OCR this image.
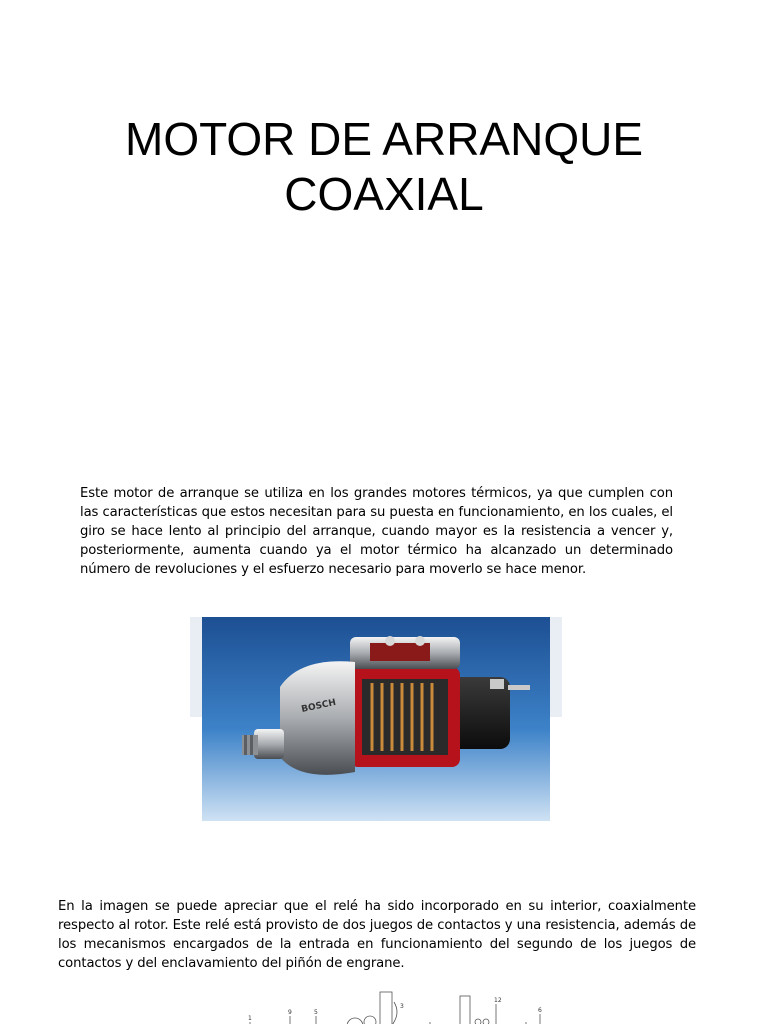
MOTOR DE ARRANQUE
COAXIAL

Este motor de arranque se utiliza en los grandes motores térmicos, ya que cumplen con las características que estos necesitan para su puesta en funcionamiento, en los cuales, el giro se hace lento al principio del arranque, cuando mayor es la resistencia a vencer y, posteriormente, aumenta cuando ya el motor térmico ha alcanzado un determinado número de revoluciones y el esfuerzo necesario para moverlo se hace menor.

BOSCH

En la imagen se puede apreciar que el relé ha sido incorporado en su interior, coaxialmente respecto al rotor. Este relé está provisto de dos juegos de contactos y una resistencia, además de los mecanismos encargados de la entrada en funcionamiento del segundo de los juegos de contactos y del enclavamiento del piñón de engrane.

1
9	5
3
12
6
